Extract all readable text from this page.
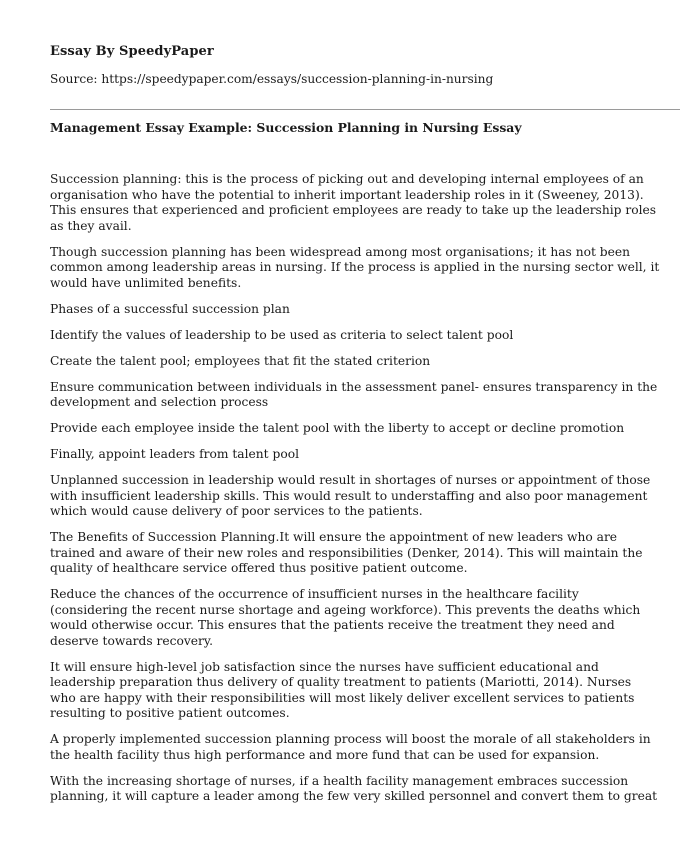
Essay By SpeedyPaper
Source: https://speedypaper.com/essays/succession-planning-in-nursing
Management Essay Example: Succession Planning in Nursing Essay

Succession planning: this is the process of picking out and developing internal employees of an organisation who have the potential to inherit important leadership roles in it (Sweeney, 2013). This ensures that experienced and proficient employees are ready to take up the leadership roles as they avail.

Though succession planning has been widespread among most organisations; it has not been common among leadership areas in nursing. If the process is applied in the nursing sector well, it would have unlimited benefits.

Phases of a successful succession plan

Identify the values of leadership to be used as criteria to select talent pool

Create the talent pool; employees that fit the stated criterion

Ensure communication between individuals in the assessment panel- ensures transparency in the development and selection process

Provide each employee inside the talent pool with the liberty to accept or decline promotion

Finally, appoint leaders from talent pool

Unplanned succession in leadership would result in shortages of nurses or appointment of those with insufficient leadership skills. This would result to understaffing and also poor management which would cause delivery of poor services to the patients.

The Benefits of Succession Planning.It will ensure the appointment of new leaders who are trained and aware of their new roles and responsibilities (Denker, 2014). This will maintain the quality of healthcare service offered thus positive patient outcome.

Reduce the chances of the occurrence of insufficient nurses in the healthcare facility (considering the recent nurse shortage and ageing workforce). This prevents the deaths which would otherwise occur. This ensures that the patients receive the treatment they need and deserve towards recovery.

It will ensure high-level job satisfaction since the nurses have sufficient educational and leadership preparation thus delivery of quality treatment to patients (Mariotti, 2014). Nurses who are happy with their responsibilities will most likely deliver excellent services to patients resulting to positive patient outcomes.

A properly implemented succession planning process will boost the morale of all stakeholders in the health facility thus high performance and more fund that can be used for expansion.

With the increasing shortage of nurses, if a health facility management embraces succession planning, it will capture a leader among the few very skilled personnel and convert them to great
